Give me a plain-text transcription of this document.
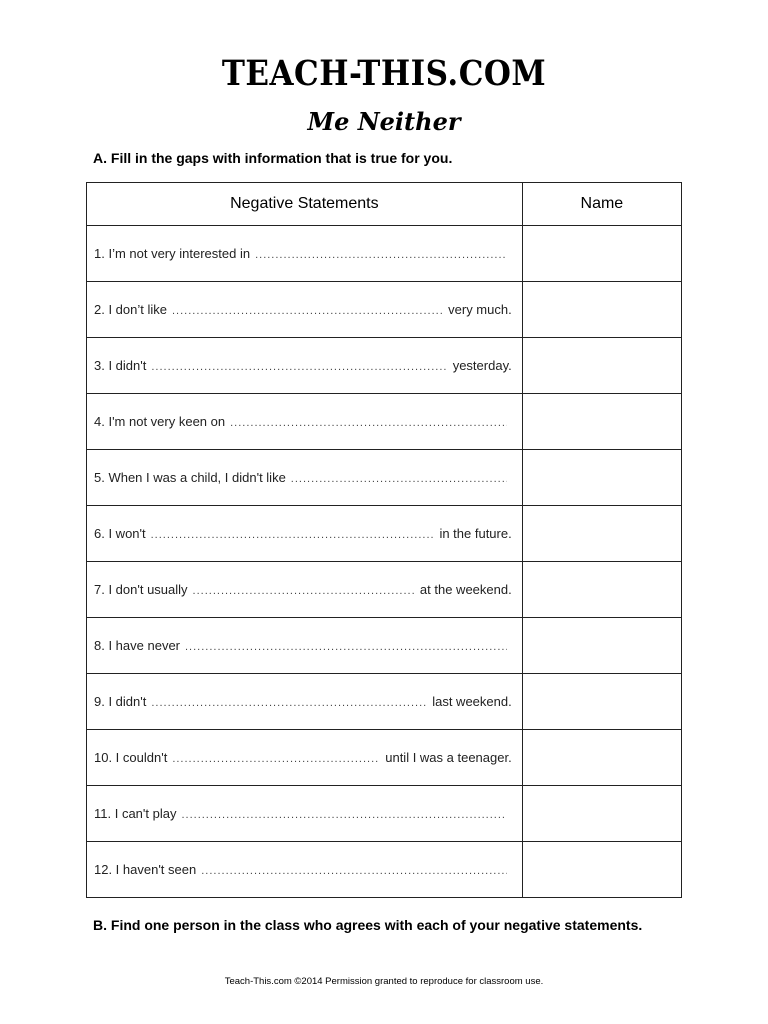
TEACH-THIS.COM
Me Neither
A. Fill in the gaps with information that is true for you.
Negative Statements	Name

1. I’m not very interested in
.....

2. I don’t like ..... very much.

3. I didn't ..... yesterday.

4. I'm not very keen on
.....

5. When I was a child, I didn't like
.....

6. I won't ..... in the future.

7. I don't usually ..... at the weekend.

8. I have never
.....

9. I didn't ..... last weekend.

10. I couldn't ..... until I was a teenager.

11. I can't play
.....

12. I haven't seen
.....

B. Find one person in the class who agrees with each of your negative statements.
Teach-This.com ©2014 Permission granted to reproduce for classroom use.
